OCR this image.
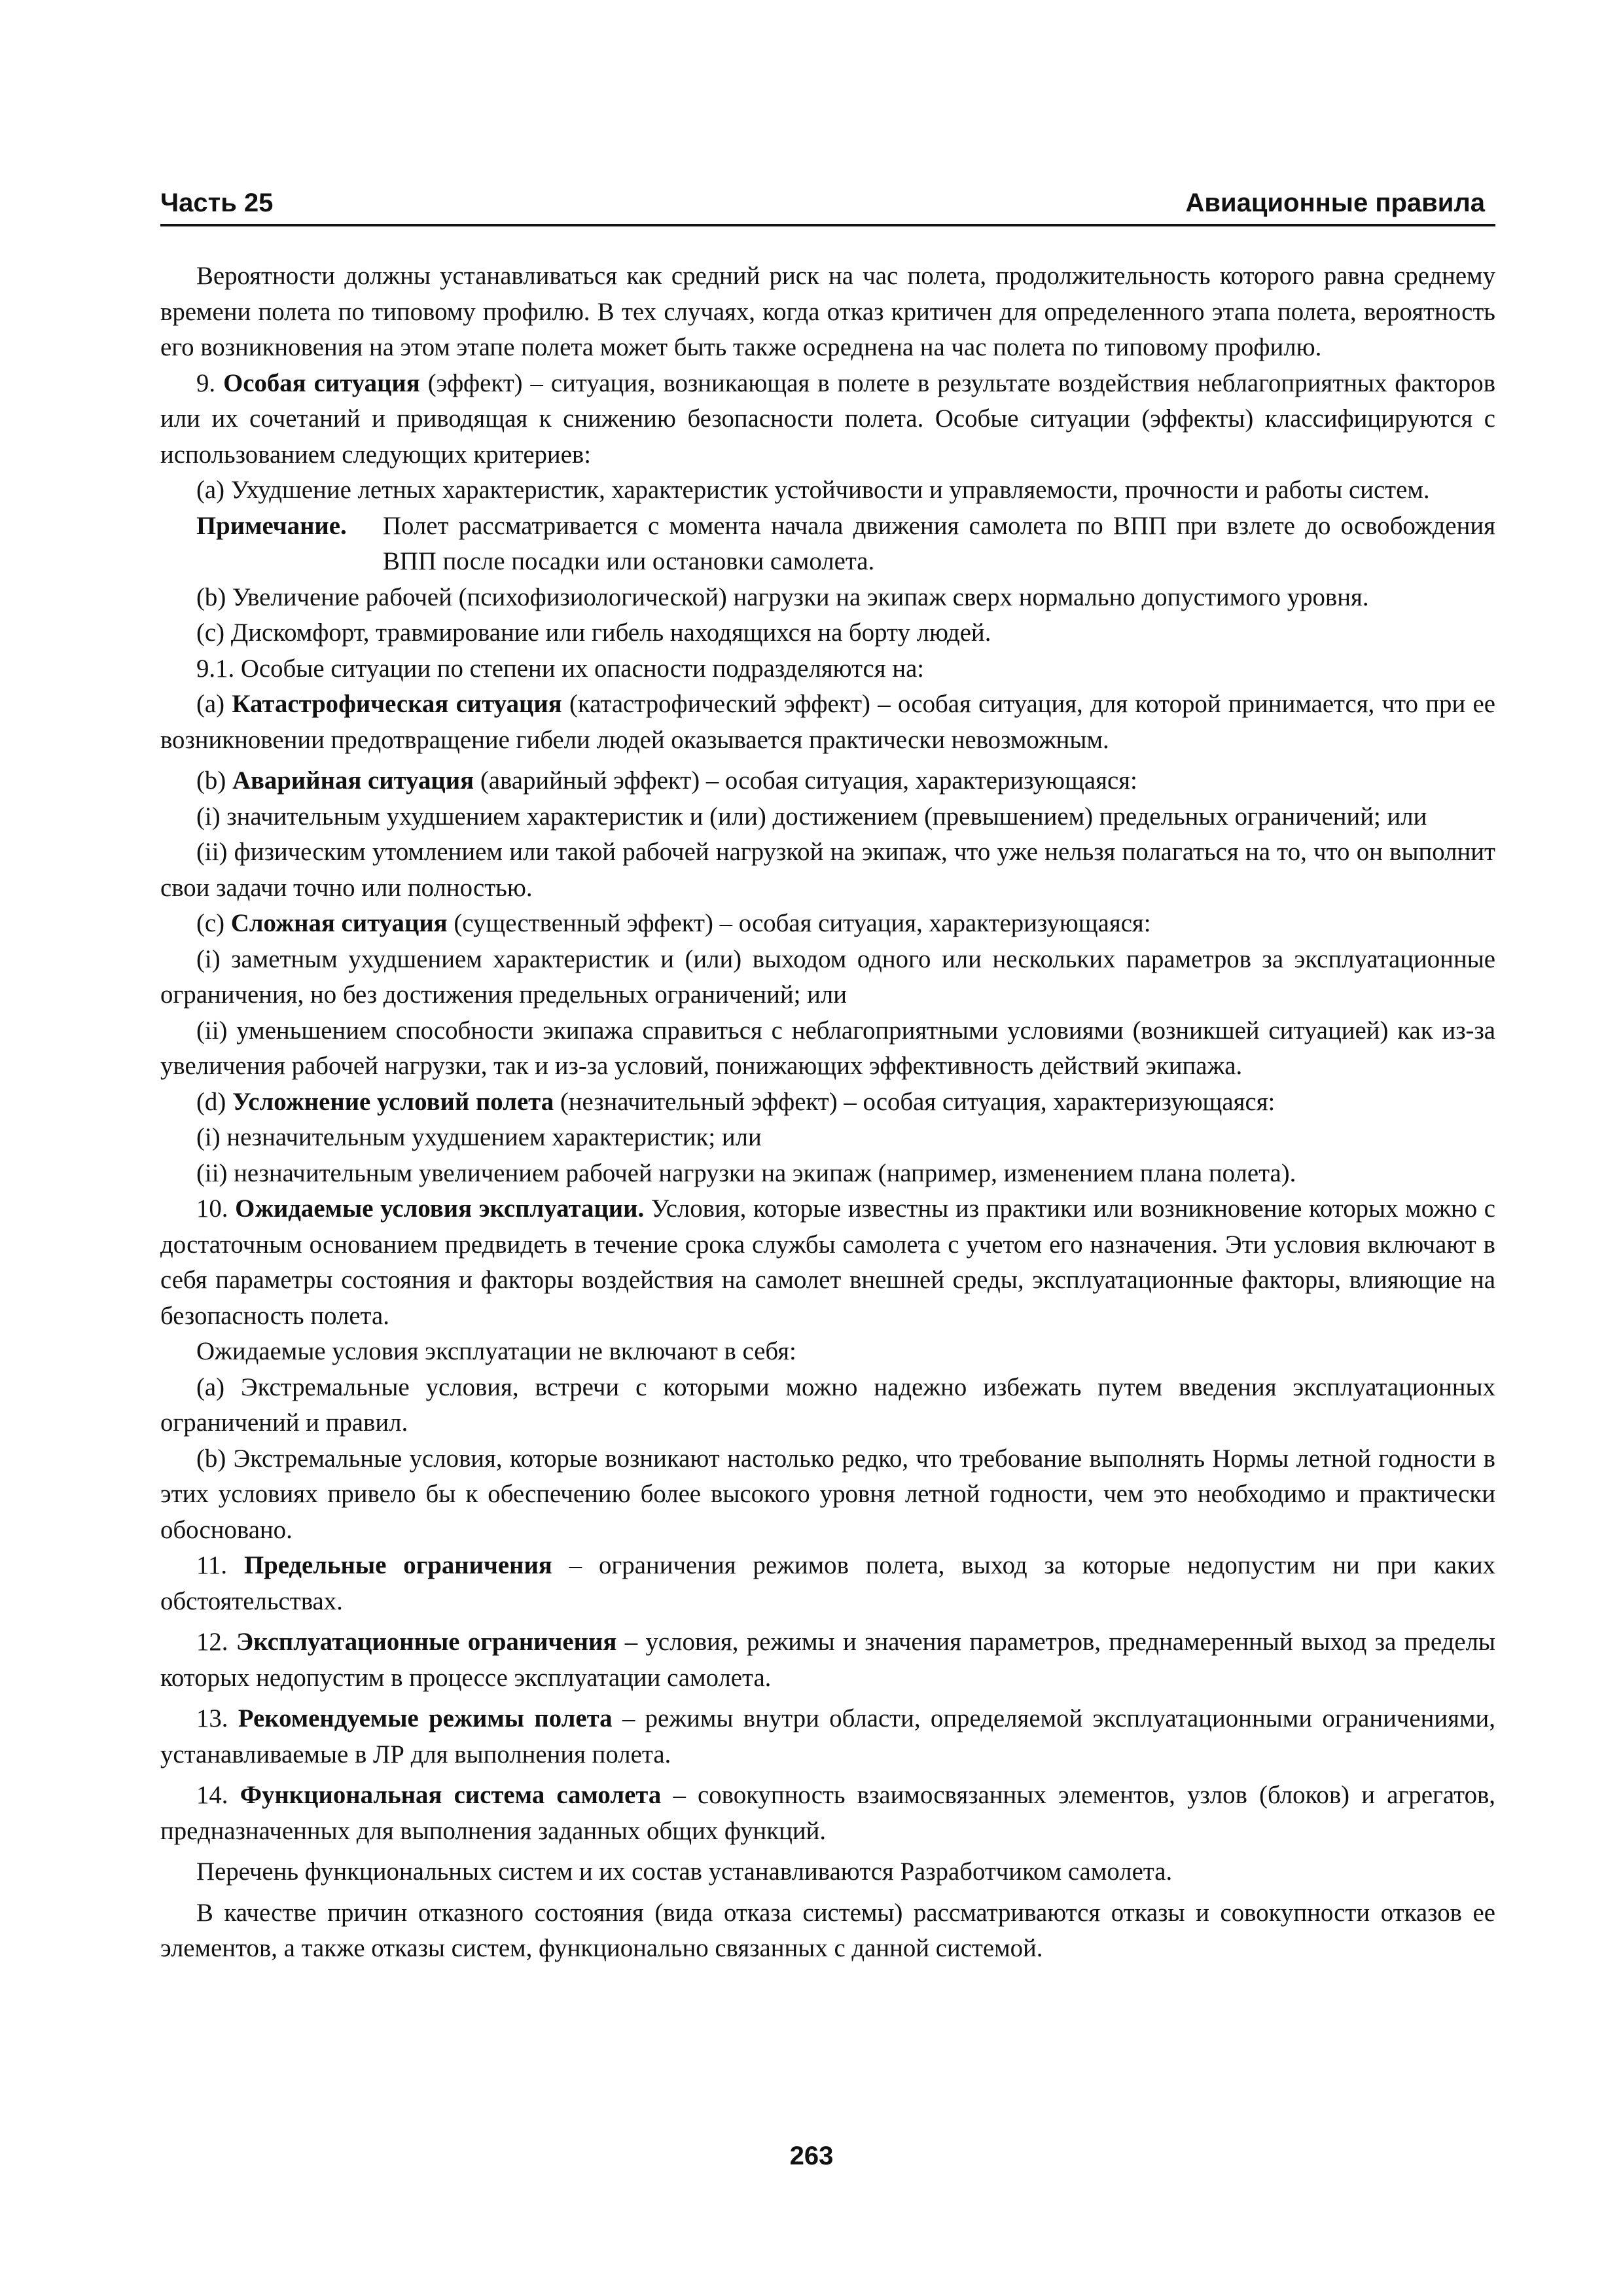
Часть 25	Авиационные правила

Вероятности должны устанавливаться как средний риск на час полета, продолжительность которого равна среднему времени полета по типовому профилю. В тех случаях, когда отказ критичен для определенного этапа полета, вероятность его возникновения на этом этапе полета может быть также осреднена на час полета по типовому профилю.

9. Особая ситуация (эффект) – ситуация, возникающая в полете в результате воздействия неблагоприятных факторов или их сочетаний и приводящая к снижению безопасности полета. Особые ситуации (эффекты) классифицируются с использованием следующих критериев:

(a) Ухудшение летных характеристик, характеристик устойчивости и управляемости, прочности и работы систем.

Примечание. Полет рассматривается с момента начала движения самолета по ВПП при взлете до освобождения ВПП после посадки или остановки самолета.

(b) Увеличение рабочей (психофизиологической) нагрузки на экипаж сверх нормально допустимого уровня.

(c) Дискомфорт, травмирование или гибель находящихся на борту людей.

9.1. Особые ситуации по степени их опасности подразделяются на:

(a) Катастрофическая ситуация (катастрофический эффект) – особая ситуация, для которой принимается, что при ее возникновении предотвращение гибели людей оказывается практически невозможным.

(b) Аварийная ситуация (аварийный эффект) – особая ситуация, характеризующаяся:

(i) значительным ухудшением характеристик и (или) достижением (превышением) предельных ограничений; или

(ii) физическим утомлением или такой рабочей нагрузкой на экипаж, что уже нельзя полагаться на то, что он выполнит свои задачи точно или полностью.

(c) Сложная ситуация (существенный эффект) – особая ситуация, характеризующаяся:

(i) заметным ухудшением характеристик и (или) выходом одного или нескольких параметров за эксплуатационные ограничения, но без достижения предельных ограничений; или

(ii) уменьшением способности экипажа справиться с неблагоприятными условиями (возникшей ситуацией) как из-за увеличения рабочей нагрузки, так и из-за условий, понижающих эффективность действий экипажа.

(d) Усложнение условий полета (незначительный эффект) – особая ситуация, характеризующаяся:

(i) незначительным ухудшением характеристик; или

(ii) незначительным увеличением рабочей нагрузки на экипаж (например, изменением плана полета).

10. Ожидаемые условия эксплуатации. Условия, которые известны из практики или возникновение которых можно с достаточным основанием предвидеть в течение срока службы самолета с учетом его назначения. Эти условия включают в себя параметры состояния и факторы воздействия на самолет внешней среды, эксплуатационные факторы, влияющие на безопасность полета.

Ожидаемые условия эксплуатации не включают в себя:

(a) Экстремальные условия, встречи с которыми можно надежно избежать путем введения эксплуатационных ограничений и правил.

(b) Экстремальные условия, которые возникают настолько редко, что требование выполнять Нормы летной годности в этих условиях привело бы к обеспечению более высокого уровня летной годности, чем это необходимо и практически обосновано.

11. Предельные ограничения – ограничения режимов полета, выход за которые недопустим ни при каких обстоятельствах.

12. Эксплуатационные ограничения – условия, режимы и значения параметров, преднамеренный выход за пределы которых недопустим в процессе эксплуатации самолета.

13. Рекомендуемые режимы полета – режимы внутри области, определяемой эксплуатационными ограничениями, устанавливаемые в ЛР для выполнения полета.

14. Функциональная система самолета – совокупность взаимосвязанных элементов, узлов (блоков) и агрегатов, предназначенных для выполнения заданных общих функций.

Перечень функциональных систем и их состав устанавливаются Разработчиком самолета.

В качестве причин отказного состояния (вида отказа системы) рассматриваются отказы и совокупности отказов ее элементов, а также отказы систем, функционально связанных с данной системой.

263
